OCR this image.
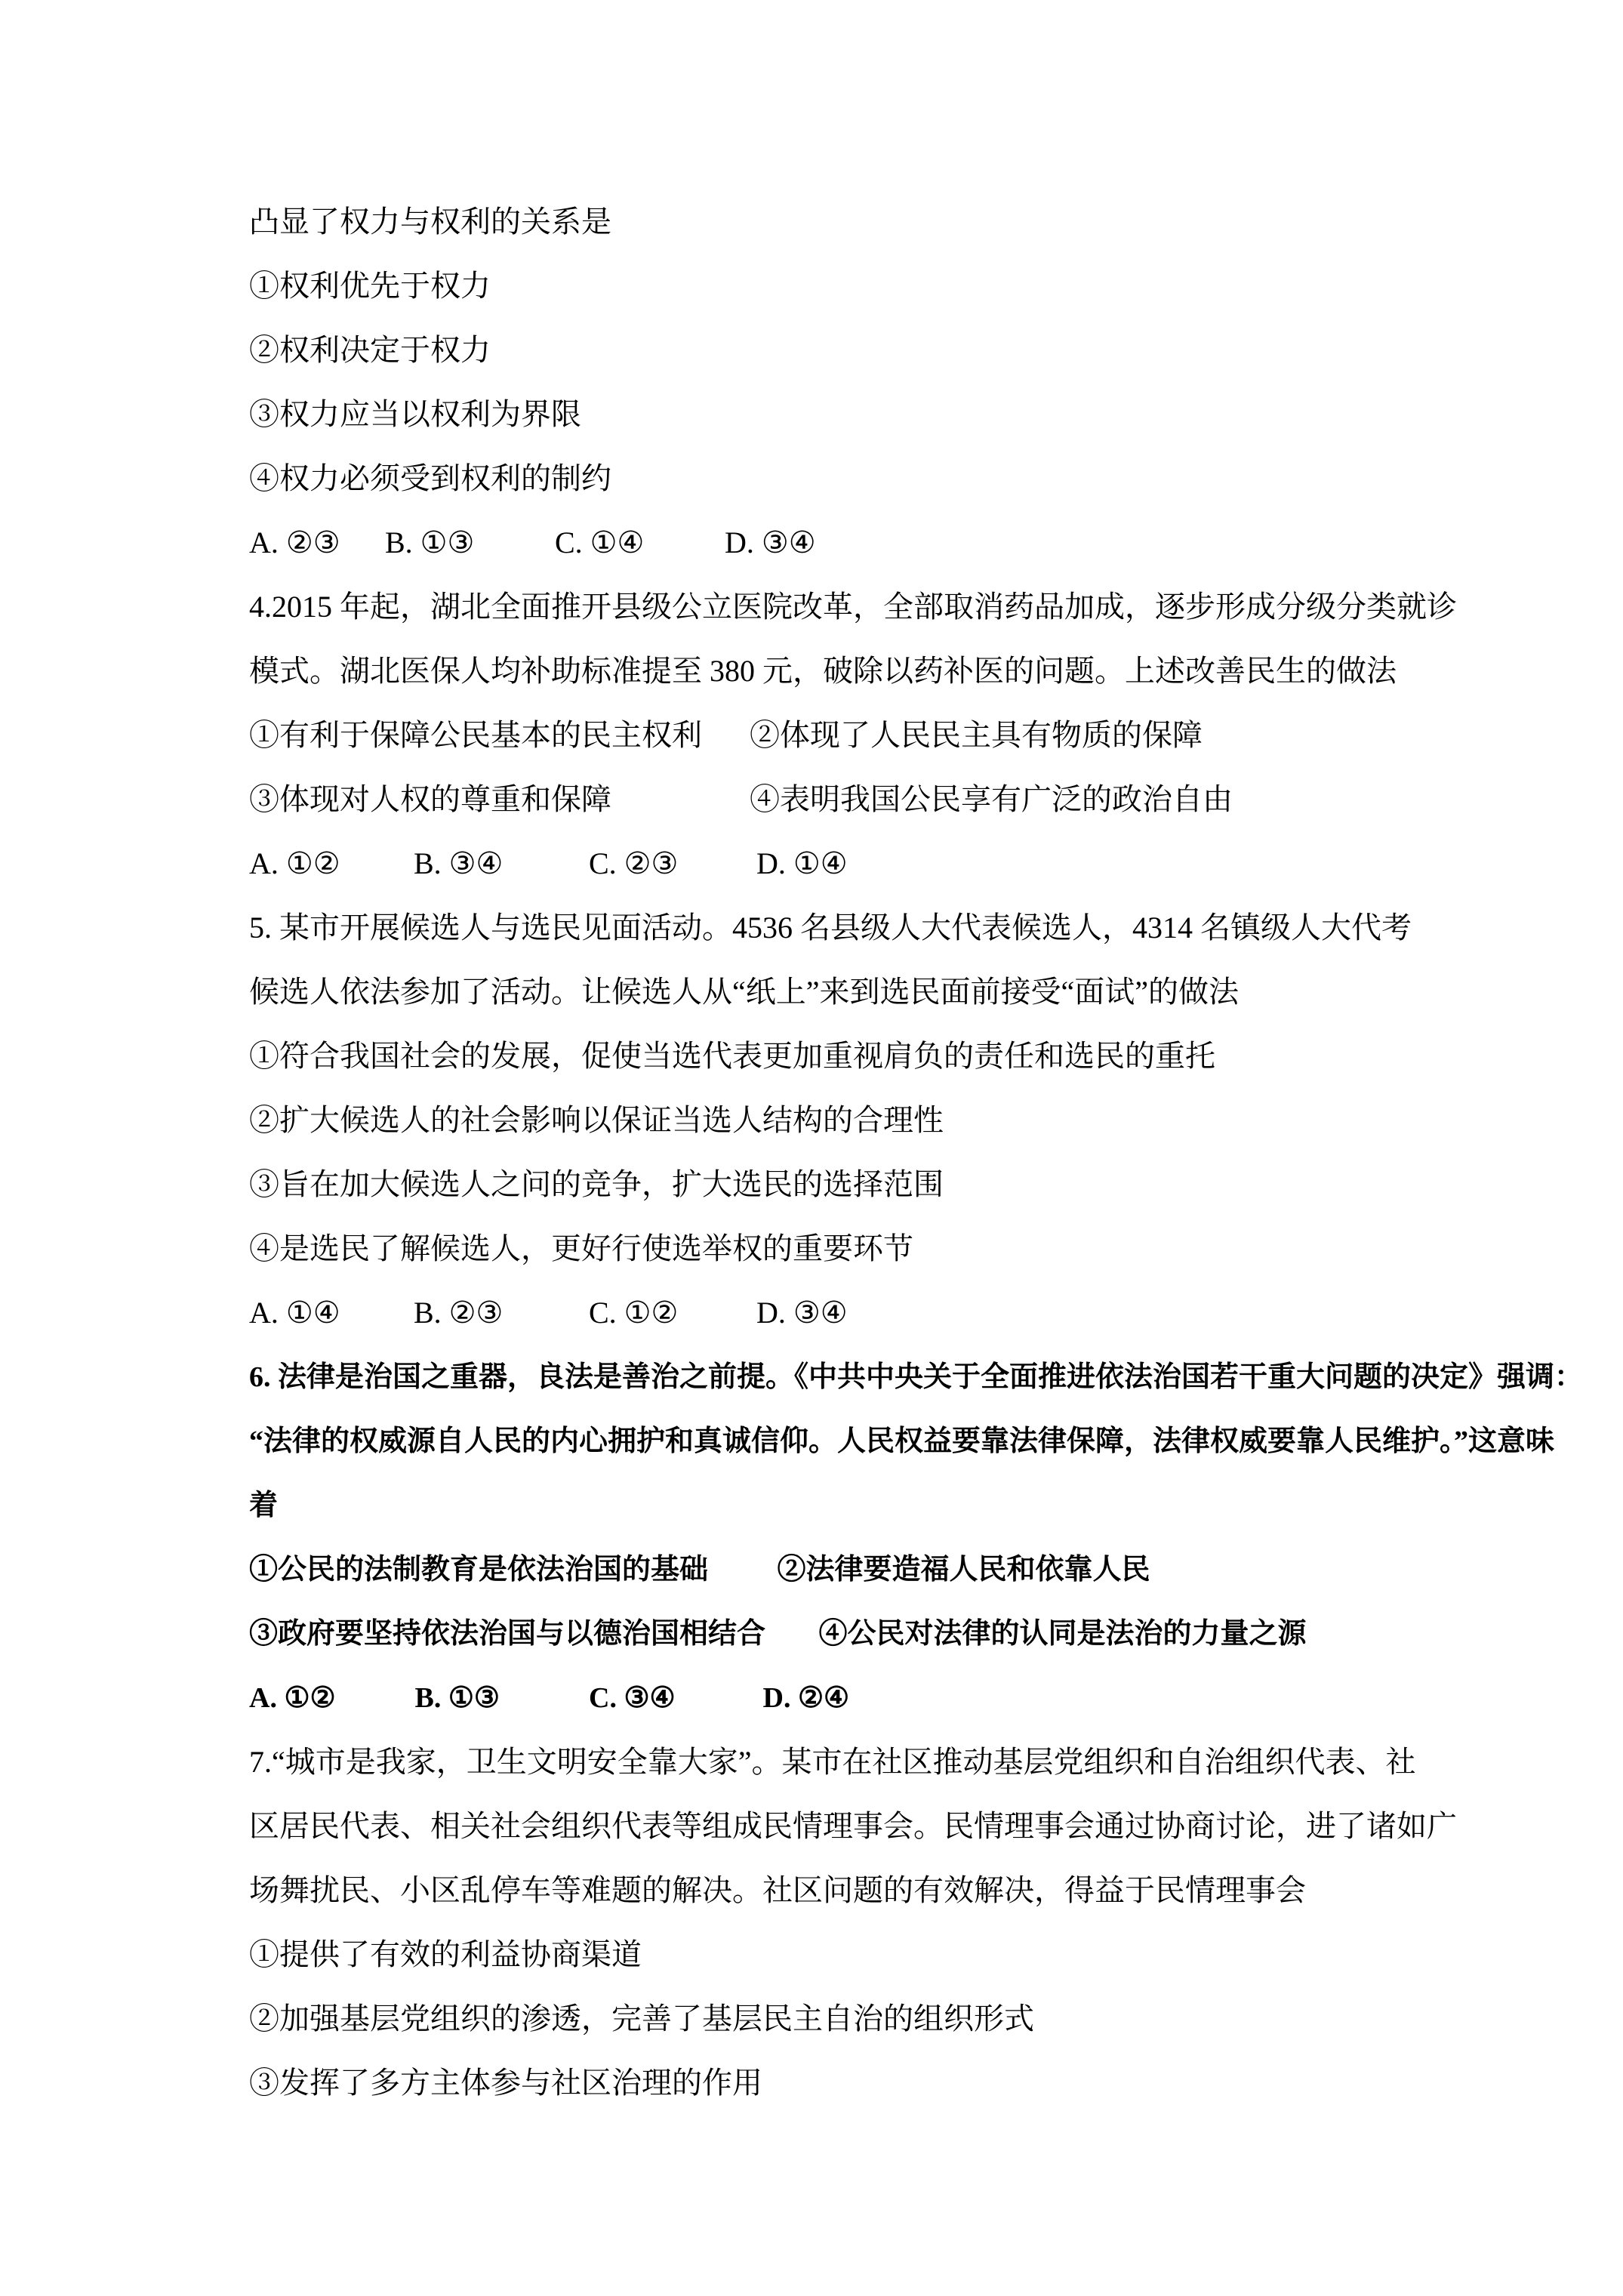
凸显了权力与权利的关系是
①权利优先于权力
②权利决定于权力
③权力应当以权利为界限
④权力必须受到权利的制约
A. ②③ B. ①③	C. ①④	D. ③④
4.2015 年起，湖北全面推开县级公立医院改革，全部取消药品加成，逐步形成分级分类就诊
模式。湖北医保人均补助标准提至 380 元，破除以药补医的问题。上述改善民生的做法
①有利于保障公民基本的民主权利 ②体现了人民民主具有物质的保障
③体现对人权的尊重和保障	④表明我国公民享有广泛的政治自由
A. ①② B. ③④	C. ②③	D. ①④
5. 某市开展候选人与选民见面活动。4536 名县级人大代表候选人，4314 名镇级人大代考
候选人依法参加了活动。让候选人从“纸上”来到选民面前接受“面试”的做法
①符合我国社会的发展，促使当选代表更加重视肩负的责任和选民的重托
②扩大候选人的社会影响以保证当选人结构的合理性
③旨在加大候选人之问的竞争，扩大选民的选择范围
④是选民了解候选人，更好行使选举权的重要环节
A. ①④ B. ②③	C. ①②	D. ③④
6. 法律是治国之重器，良法是善治之前提。《中共中央关于全面推进依法治国若干重大问题的决定》强调：
“法律的权威源自人民的内心拥护和真诚信仰。人民权益要靠法律保障，法律权威要靠人民维护。”这意味
着
①公民的法制教育是依法治国的基础 ②法律要造福人民和依靠人民
③政府要坚持依法治国与以德治国相结合 ④公民对法律的认同是法治的力量之源
A. ①②	B. ①③	C. ③④	D. ②④
7.“城市是我家，卫生文明安全靠大家”。某市在社区推动基层党组织和自治组织代表、社
区居民代表、相关社会组织代表等组成民情理事会。民情理事会通过协商讨论，进了诸如广
场舞扰民、小区乱停车等难题的解决。社区问题的有效解决，得益于民情理事会
①提供了有效的利益协商渠道
②加强基层党组织的渗透，完善了基层民主自治的组织形式
③发挥了多方主体参与社区治理的作用
